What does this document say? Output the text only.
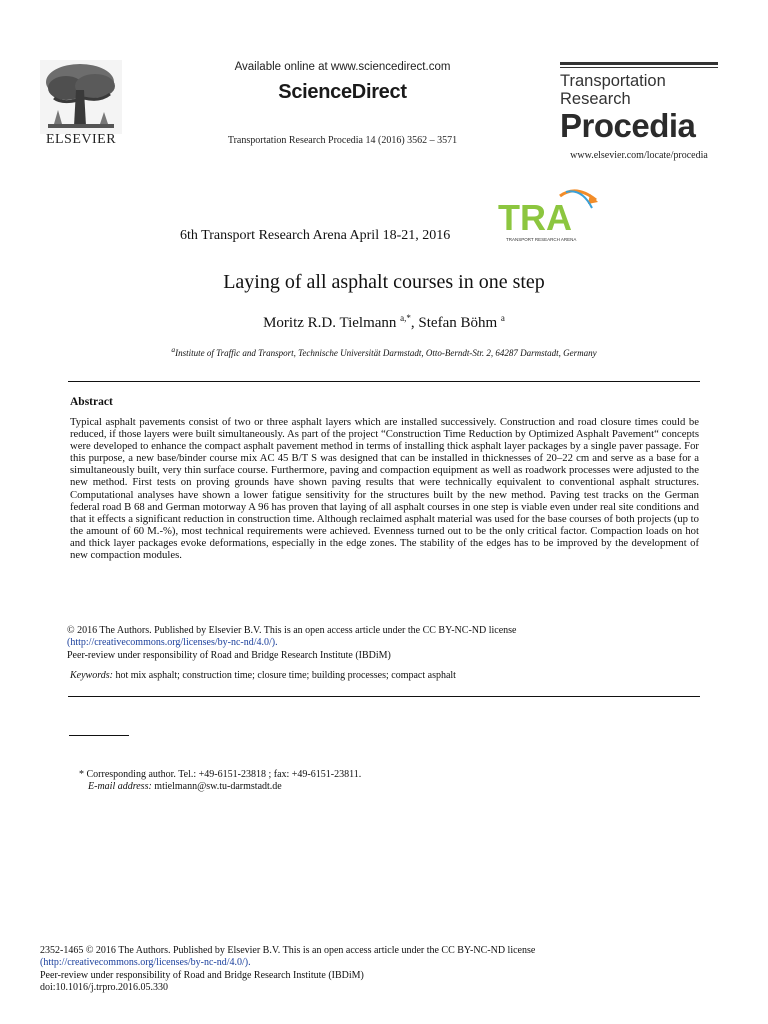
ELSEVIER
Available online at www.sciencedirect.com
ScienceDirect
Transportation Research Procedia 14 (2016) 3562 – 3571
Transportation
Research
Procedia
www.elsevier.com/locate/procedia
6th Transport Research Arena April 18-21, 2016	TRA
TRANSPORT RESEARCH ARENA
Laying of all asphalt courses in one step
Moritz R.D. Tielmann $^{a,*}$, Stefan Böhm $^a$
$^a$Institute of Traffic and Transport, Technische Universität Darmstadt, Otto-Berndt-Str. 2, 64287 Darmstadt, Germany
Abstract

Typical asphalt pavements consist of two or three asphalt layers which are installed successively. Construction and road closure times could be reduced, if those layers were built simultaneously. As part of the project “Construction Time Reduction by Optimized Asphalt Pavement“ concepts were developed to enhance the compact asphalt pavement method in terms of installing thick asphalt layer packages by a single paver passage. For this purpose, a new base/binder course mix AC 45 B/T S was designed that can be installed in thicknesses of 20–22 cm and serve as a base for a simultaneously built, very thin surface course. Furthermore, paving and compaction equipment as well as roadwork processes were adjusted to the new method. First tests on proving grounds have shown paving results that were technically equivalent to conventional asphalt structures. Computational analyses have shown a lower fatigue sensitivity for the structures built by the new method. Paving test tracks on the German federal road B 68 and German motorway A 96 has proven that laying of all asphalt courses in one step is viable even under real site conditions and that it effects a significant reduction in construction time. Although reclaimed asphalt material was used for the base courses of both projects (up to the amount of 60 M.-%), most technical requirements were achieved. Evenness turned out to be the only critical factor. Compaction loads on hot and thick layer packages evoke deformations, especially in the edge zones. The stability of the edges has to be improved by the development of new compaction modules.

© 2016 The Authors. Published by Elsevier B.V. This is an open access article under the CC BY-NC-ND license
(http://creativecommons.org/licenses/by-nc-nd/4.0/).
Peer-review under responsibility of Road and Bridge Research Institute (IBDiM)
Keywords: hot mix asphalt; construction time; closure time; building processes; compact asphalt
* Corresponding author. Tel.: +49-6151-23818 ; fax: +49-6151-23811.
E-mail address: mtielmann@sw.tu-darmstadt.de
2352-1465 © 2016 The Authors. Published by Elsevier B.V. This is an open access article under the CC BY-NC-ND license
(http://creativecommons.org/licenses/by-nc-nd/4.0/).
Peer-review under responsibility of Road and Bridge Research Institute (IBDiM)
doi:10.1016/j.trpro.2016.05.330
